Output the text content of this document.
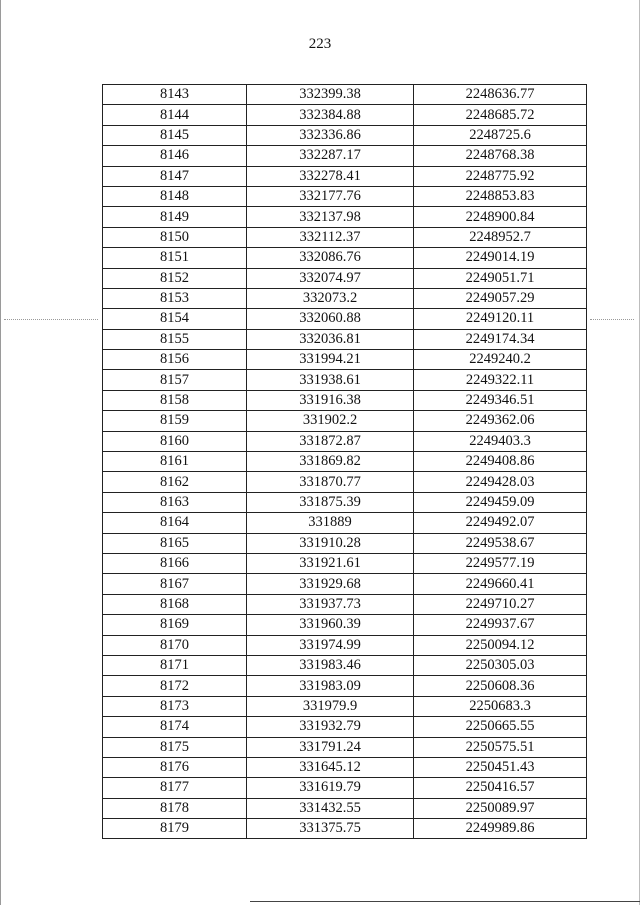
223
8143	332399.38	2248636.77
8144	332384.88	2248685.72
8145	332336.86	2248725.6
8146	332287.17	2248768.38
8147	332278.41	2248775.92
8148	332177.76	2248853.83
8149	332137.98	2248900.84
8150	332112.37	2248952.7
8151	332086.76	2249014.19
8152	332074.97	2249051.71
8153	332073.2	2249057.29
8154	332060.88	2249120.11
8155	332036.81	2249174.34
8156	331994.21	2249240.2
8157	331938.61	2249322.11
8158	331916.38	2249346.51
8159	331902.2	2249362.06
8160	331872.87	2249403.3
8161	331869.82	2249408.86
8162	331870.77	2249428.03
8163	331875.39	2249459.09
8164	331889	2249492.07
8165	331910.28	2249538.67
8166	331921.61	2249577.19
8167	331929.68	2249660.41
8168	331937.73	2249710.27
8169	331960.39	2249937.67
8170	331974.99	2250094.12
8171	331983.46	2250305.03
8172	331983.09	2250608.36
8173	331979.9	2250683.3
8174	331932.79	2250665.55
8175	331791.24	2250575.51
8176	331645.12	2250451.43
8177	331619.79	2250416.57
8178	331432.55	2250089.97
8179	331375.75	2249989.86
